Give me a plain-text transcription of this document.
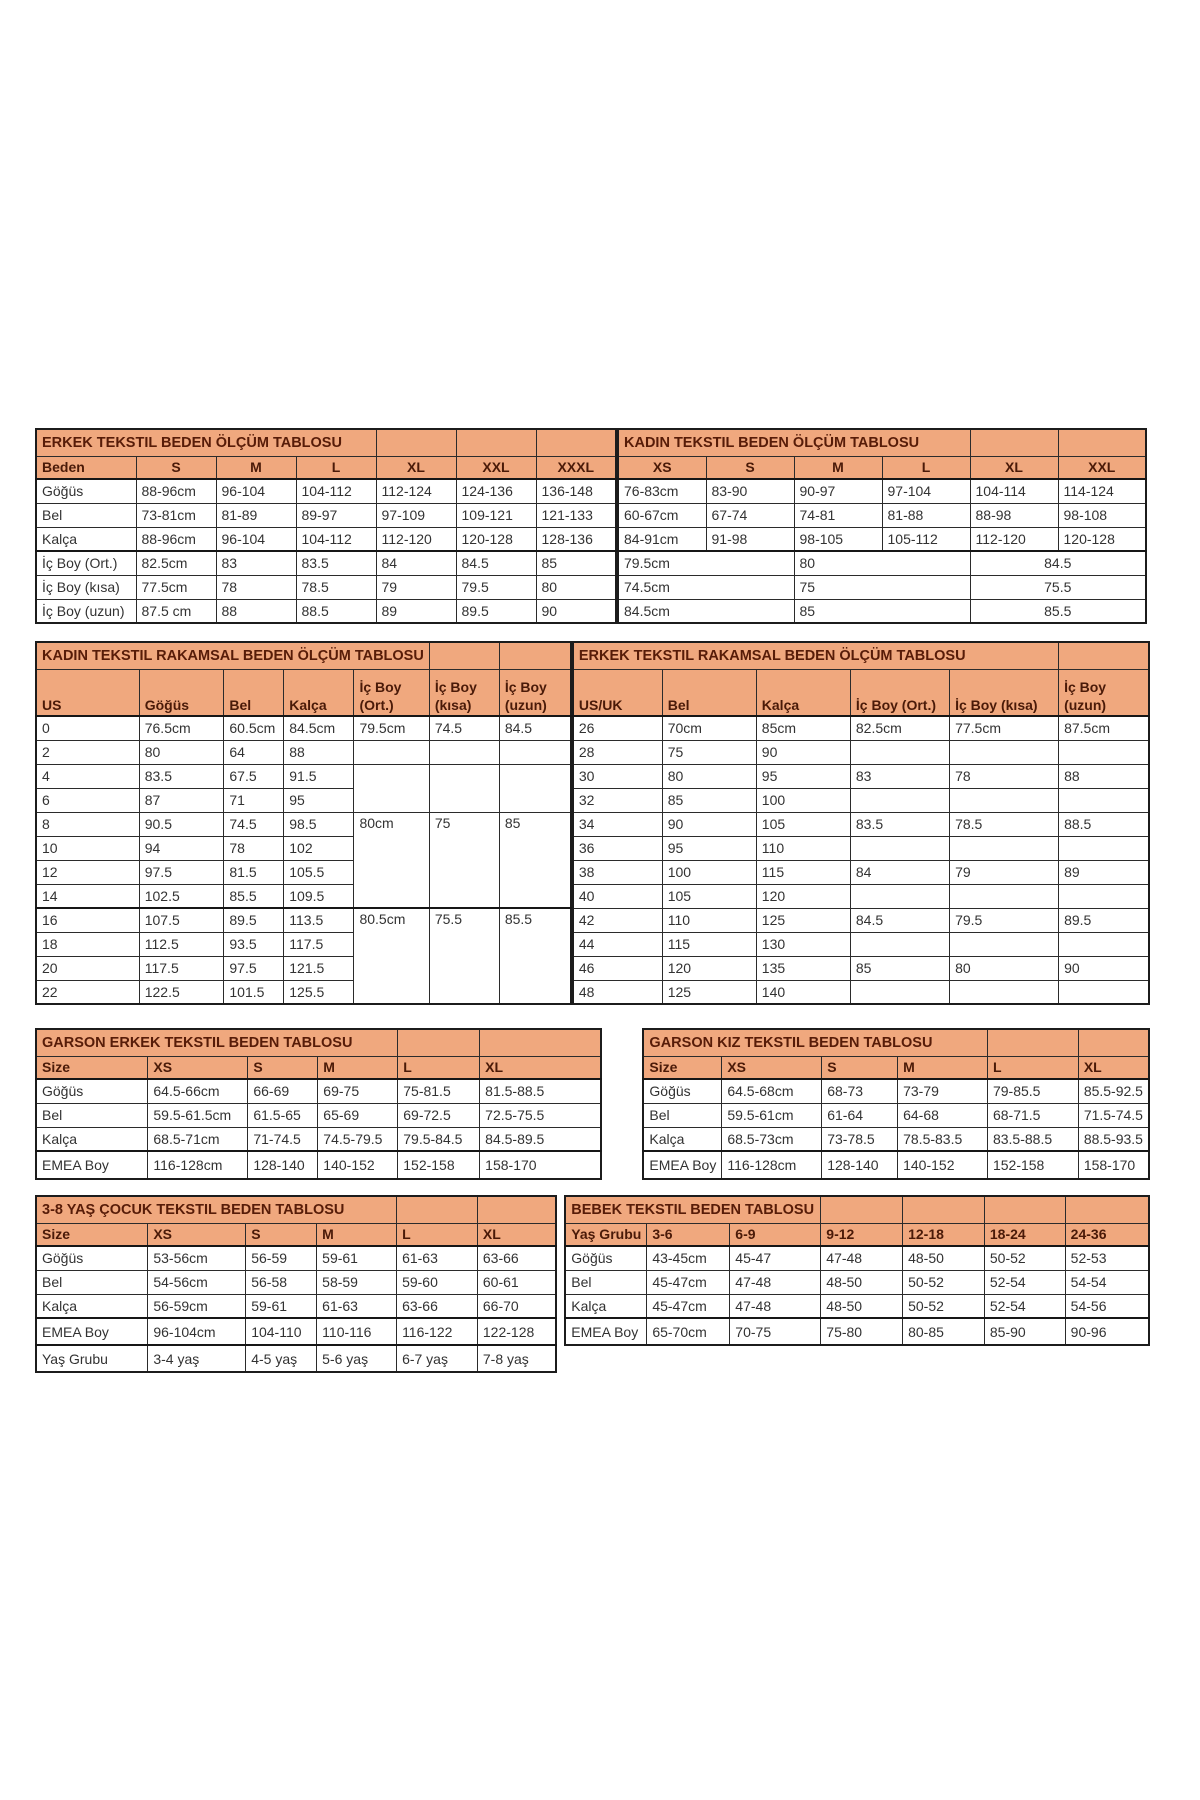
ERKEK TEKSTIL BEDEN ÖLÇÜM TABLOSU						
Beden	S	M	L	XL	XXL	XXXL
Göğüs	88-96cm	96-104	104-112	112-124	124-136	136-148
Bel	73-81cm	81-89	89-97	97-109	109-121	121-133
Kalça	88-96cm	96-104	104-112	112-120	120-128	128-136
İç Boy (Ort.)	82.5cm	83	83.5	84	84.5	85
İç Boy (kısa)	77.5cm	78	78.5	79	79.5	80
İç Boy (uzun)	87.5 cm	88	88.5	89	89.5	90
KADIN TEKSTIL BEDEN ÖLÇÜM TABLOSU					
XS	S	M	L	XL	XXL
76-83cm	83-90	90-97	97-104	104-114	114-124
60-67cm	67-74	74-81	81-88	88-98	98-108
84-91cm	91-98	98-105	105-112	112-120	120-128
79.5cm		80		84.5	
74.5cm		75		75.5	
84.5cm		85		85.5	
KADIN TEKSTIL RAKAMSAL BEDEN ÖLÇÜM TABLOSU						
US	Göğüs	Bel	Kalça	İç Boy (Ort.)	İç Boy (kısa)	İç Boy (uzun)
0	76.5cm	60.5cm	84.5cm	79.5cm	74.5	84.5
2	80	64	88			
4	83.5	67.5	91.5			
6	87	71	95			
8	90.5	74.5	98.5	80cm	75	85
10	94	78	102			
12	97.5	81.5	105.5			
14	102.5	85.5	109.5			
16	107.5	89.5	113.5	80.5cm	75.5	85.5
18	112.5	93.5	117.5			
20	117.5	97.5	121.5			
22	122.5	101.5	125.5			
ERKEK TEKSTIL RAKAMSAL BEDEN ÖLÇÜM TABLOSU					
US/UK	Bel	Kalça	İç Boy (Ort.)	İç Boy (kısa)	İç Boy (uzun)
26	70cm	85cm	82.5cm	77.5cm	87.5cm
28	75	90			
30	80	95	83	78	88
32	85	100			
34	90	105	83.5	78.5	88.5
36	95	110			
38	100	115	84	79	89
40	105	120			
42	110	125	84.5	79.5	89.5
44	115	130			
46	120	135	85	80	90
48	125	140			
GARSON ERKEK TEKSTIL BEDEN TABLOSU					
Size	XS	S	M	L	XL
Göğüs	64.5-66cm	66-69	69-75	75-81.5	81.5-88.5
Bel	59.5-61.5cm	61.5-65	65-69	69-72.5	72.5-75.5
Kalça	68.5-71cm	71-74.5	74.5-79.5	79.5-84.5	84.5-89.5
EMEA Boy	116-128cm	128-140	140-152	152-158	158-170
GARSON KIZ TEKSTIL BEDEN TABLOSU					
Size	XS	S	M	L	XL
Göğüs	64.5-68cm	68-73	73-79	79-85.5	85.5-92.5
Bel	59.5-61cm	61-64	64-68	68-71.5	71.5-74.5
Kalça	68.5-73cm	73-78.5	78.5-83.5	83.5-88.5	88.5-93.5
EMEA Boy	116-128cm	128-140	140-152	152-158	158-170
3-8 YAŞ ÇOCUK TEKSTIL BEDEN TABLOSU					
Size	XS	S	M	L	XL
Göğüs	53-56cm	56-59	59-61	61-63	63-66
Bel	54-56cm	56-58	58-59	59-60	60-61
Kalça	56-59cm	59-61	61-63	63-66	66-70
EMEA Boy	96-104cm	104-110	110-116	116-122	122-128
Yaş Grubu	3-4 yaş	4-5 yaş	5-6 yaş	6-7 yaş	7-8 yaş
BEBEK TEKSTIL BEDEN TABLOSU						
Yaş Grubu	3-6	6-9	9-12	12-18	18-24	24-36
Göğüs	43-45cm	45-47	47-48	48-50	50-52	52-53
Bel	45-47cm	47-48	48-50	50-52	52-54	54-54
Kalça	45-47cm	47-48	48-50	50-52	52-54	54-56
EMEA Boy	65-70cm	70-75	75-80	80-85	85-90	90-96
